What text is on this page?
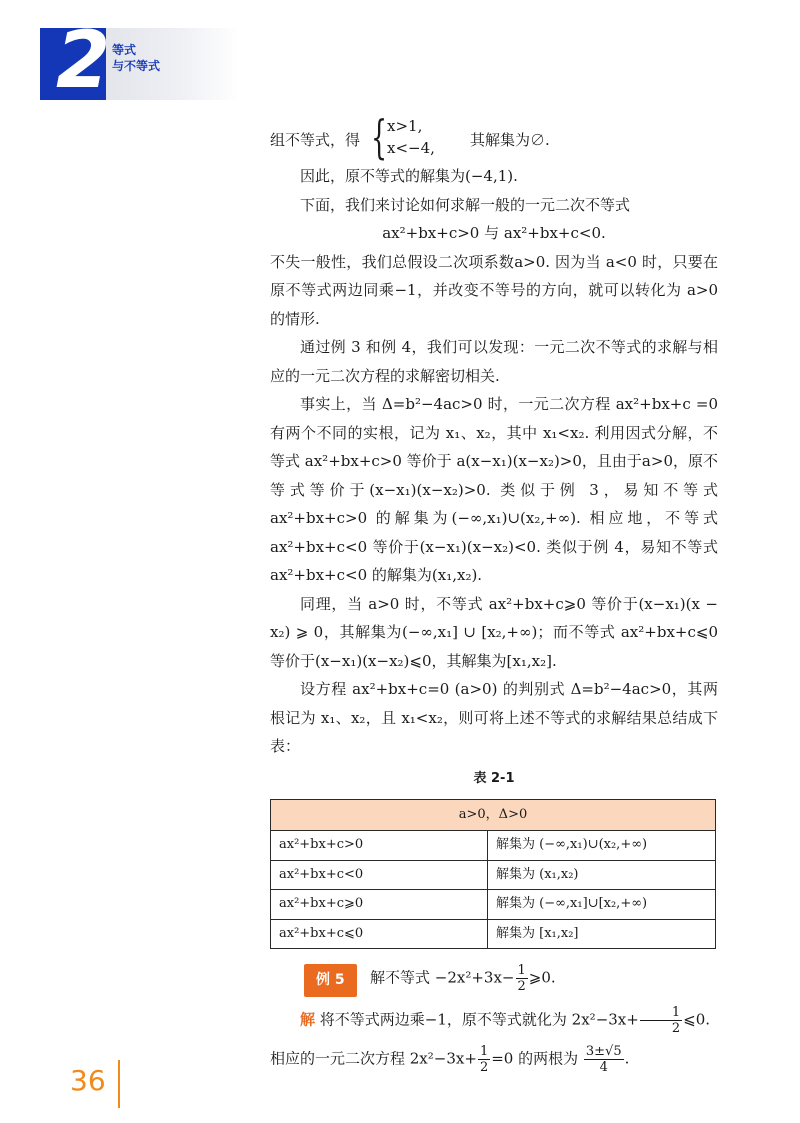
2 等式
与不等式
组不等式，得 { x>1,
x<−4, 其解集为∅.

因此，原不等式的解集为(−4,1).

下面，我们来讨论如何求解一般的一元二次不等式

ax²+bx+c>0 与 ax²+bx+c<0.

不失一般性，我们总假设二次项系数a>0. 因为当 a<0 时，只要在原不等式两边同乘−1，并改变不等号的方向，就可以转化为 a>0 的情形.

通过例 3 和例 4，我们可以发现：一元二次不等式的求解与相应的一元二次方程的求解密切相关.

事实上，当 Δ=b²−4ac>0 时，一元二次方程 ax²+bx+c =0 有两个不同的实根，记为 x₁、x₂，其中 x₁<x₂. 利用因式分解，不等式 ax²+bx+c>0 等价于 a(x−x₁)(x−x₂)>0，且由于a>0，原不等式等价于(x−x₁)(x−x₂)>0. 类似于例 3，易知不等式 ax²+bx+c>0 的解集为(−∞,x₁)∪(x₂,+∞). 相应地，不等式 ax²+bx+c<0 等价于(x−x₁)(x−x₂)<0. 类似于例 4，易知不等式 ax²+bx+c<0 的解集为(x₁,x₂).

同理，当 a>0 时，不等式 ax²+bx+c⩾0 等价于(x−x₁)(x − x₂) ⩾ 0，其解集为(−∞,x₁] ∪ [x₂,+∞)；而不等式 ax²+bx+c⩽0 等价于(x−x₁)(x−x₂)⩽0，其解集为[x₁,x₂].

设方程 ax²+bx+c=0 (a>0) 的判别式 Δ=b²−4ac>0，其两根记为 x₁、x₂，且 x₁<x₂，则可将上述不等式的求解结果总结成下表：

表 2-1
a>0，Δ>0	
ax²+bx+c>0	解集为 (−∞,x₁)∪(x₂,+∞)
ax²+bx+c<0	解集为 (x₁,x₂)
ax²+bx+c⩾0	解集为 (−∞,x₁]∪[x₂,+∞)
ax²+bx+c⩽0	解集为 [x₁,x₂]
例 5	解不等式 $-2x^2+3x- \frac{1}{2}$ ⩾0.

解 将不等式两边乘−1，原不等式就化为 $2x^2-3x+ \frac{1}{2}$ ⩽0.

相应的一元二次方程 $2x^2-3x+ \frac{1}{2} =0$ 的两根为 $\frac{3\pm√5}{4}$ .

36
